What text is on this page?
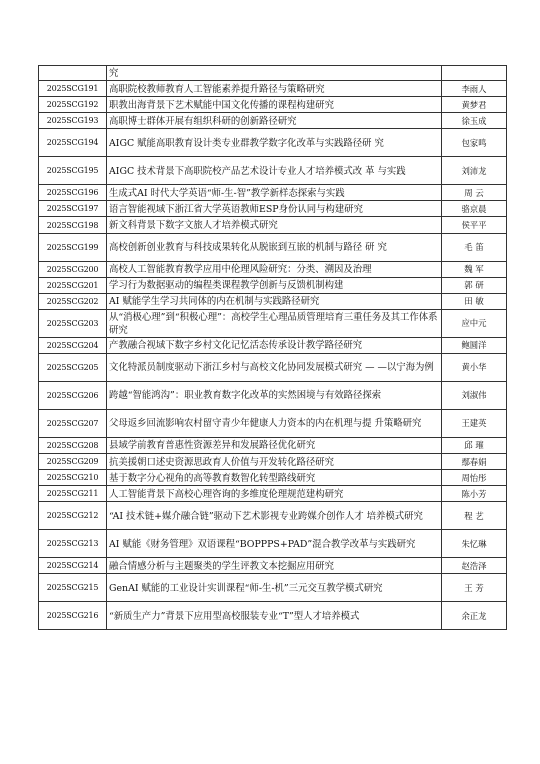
	究	
2025SCG191	高职院校教师教育人工智能素养提升路径与策略研究	李雨人
2025SCG192	职教出海背景下艺术赋能中国文化传播的课程构建研究	黄梦君
2025SCG193	高职博士群体开展有组织科研的创新路径研究	徐玉成
2025SCG194	AIGC 赋能高职教育设计类专业群教学数字化改革与实践路径研 究	包家鸣
2025SCG195	AIGC 技术背景下高职院校产品艺术设计专业人才培养模式改 革 与实践	刘沛龙
2025SCG196	生成式AI 时代大学英语“师-生-智”教学新样态探索与实践	周 云
2025SCG197	语言智能视域下浙江省大学英语教师ESP身份认同与构建研究	骆京晨
2025SCG198	新文科背景下数字文旅人才培养模式研究	侯平平
2025SCG199	高校创新创业教育与科技成果转化从脱嵌到互嵌的机制与路径 研 究	毛 笛
2025SCG200	高校人工智能教育教学应用中伦理风险研究：分类、溯因及治理	魏 军
2025SCG201	学习行为数据驱动的编程类课程教学创新与反馈机制构建	郭 研
2025SCG202	AI 赋能学生学习共同体的内在机制与实践路径研究	田 敏
2025SCG203	从“消极心理”到“积极心理”：高校学生心理品质管理培育三重任务及其工作体系研究	应中元
2025SCG204	产教融合视域下数字乡村文化记忆活态传承设计教学路径研究	鲍圆洋
2025SCG205	文化特派员制度驱动下浙江乡村与高校文化协同发展模式研究 — —以宁海为例	黄小华
2025SCG206	跨越“智能鸿沟”：职业教育数字化改革的实然困境与有效路径探索	刘淑伟
2025SCG207	父母返乡回流影响农村留守青少年健康人力资本的内在机理与提 升策略研究	王建英
2025SCG208	县域学前教育普惠性资源差异和发展路径优化研究	邱 璀
2025SCG209	抗美援朝口述史资源思政育人价值与开发转化路径研究	鄢春娟
2025SCG210	基于数字分心视角的高等教育数智化转型路线研究	周怡彤
2025SCG211	人工智能背景下高校心理咨询的多维度伦理规范建构研究	陈小芳
2025SCG212	“AI 技术链+媒介融合链”驱动下艺术影视专业跨媒介创作人才 培养模式研究	程 艺
2025SCG213	AI 赋能《财务管理》双语课程“BOPPPS+PAD”混合教学改革与实践研究	朱忆琳
2025SCG214	融合情感分析与主题聚类的学生评教文本挖掘应用研究	赵浩泽
2025SCG215	GenAI 赋能的工业设计实训课程“师-生-机”三元交互教学模式研究	王 芳
2025SCG216	“新质生产力”背景下应用型高校服装专业“T”型人才培养模式	余正龙
